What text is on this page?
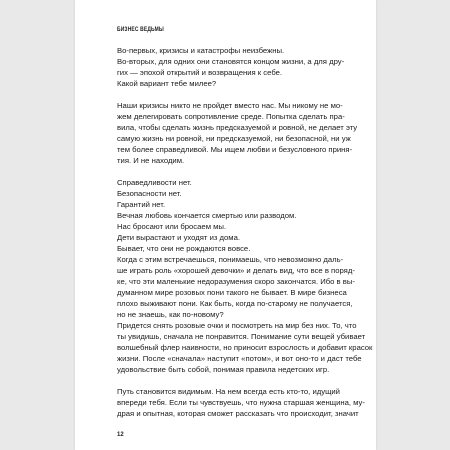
БИЗНЕС ВЕДЬМЫ
Во-первых, кризисы и катастрофы неизбежны.
Во-вторых, для одних они становятся концом жизни, а для дру-
гих — эпохой открытий и возвращения к себе.
Какой вариант тебе милее?
Наши кризисы никто не пройдет вместо нас. Мы никому не мо-
жем делегировать сопротивление среде. Попытка сделать пра-
вила, чтобы сделать жизнь предсказуемой и ровной, не делает эту
самую жизнь ни ровной, ни предсказуемой, ни безопасной, ни уж
тем более справедливой. Мы ищем любви и безусловного приня-
тия. И не находим.
Справедливости нет.
Безопасности нет.
Гарантий нет.
Вечная любовь кончается смертью или разводом.
Нас бросают или бросаем мы.
Дети вырастают и уходят из дома.
Бывает, что они не рождаются вовсе.
Когда с этим встречаешься, понимаешь, что невозможно даль-
ше играть роль «хорошей девочки» и делать вид, что все в поряд-
ке, что эти маленькие недоразумения скоро закончатся. Ибо в вы-
думанном мире розовых пони такого не бывает. В мире бизнеса
плохо выживают пони. Как быть, когда по-старому не получается,
но не знаешь, как по-новому?
Придется снять розовые очки и посмотреть на мир без них. То, что
ты увидишь, сначала не понравится. Понимание сути вещей убивает
волшебный флер наивности, но приносит взрослость и добавит красок
жизни. После «сначала» наступит «потом», и вот оно-то и даcт тебе
удовольствие быть собой, понимая правила недетских игр.
Путь становится видимым. На нем всегда есть кто-то, идущий
впереди тебя. Если ты чувствуешь, что нужна старшая женщина, му-
драя и опытная, которая сможет рассказать что происходит, значит
12
